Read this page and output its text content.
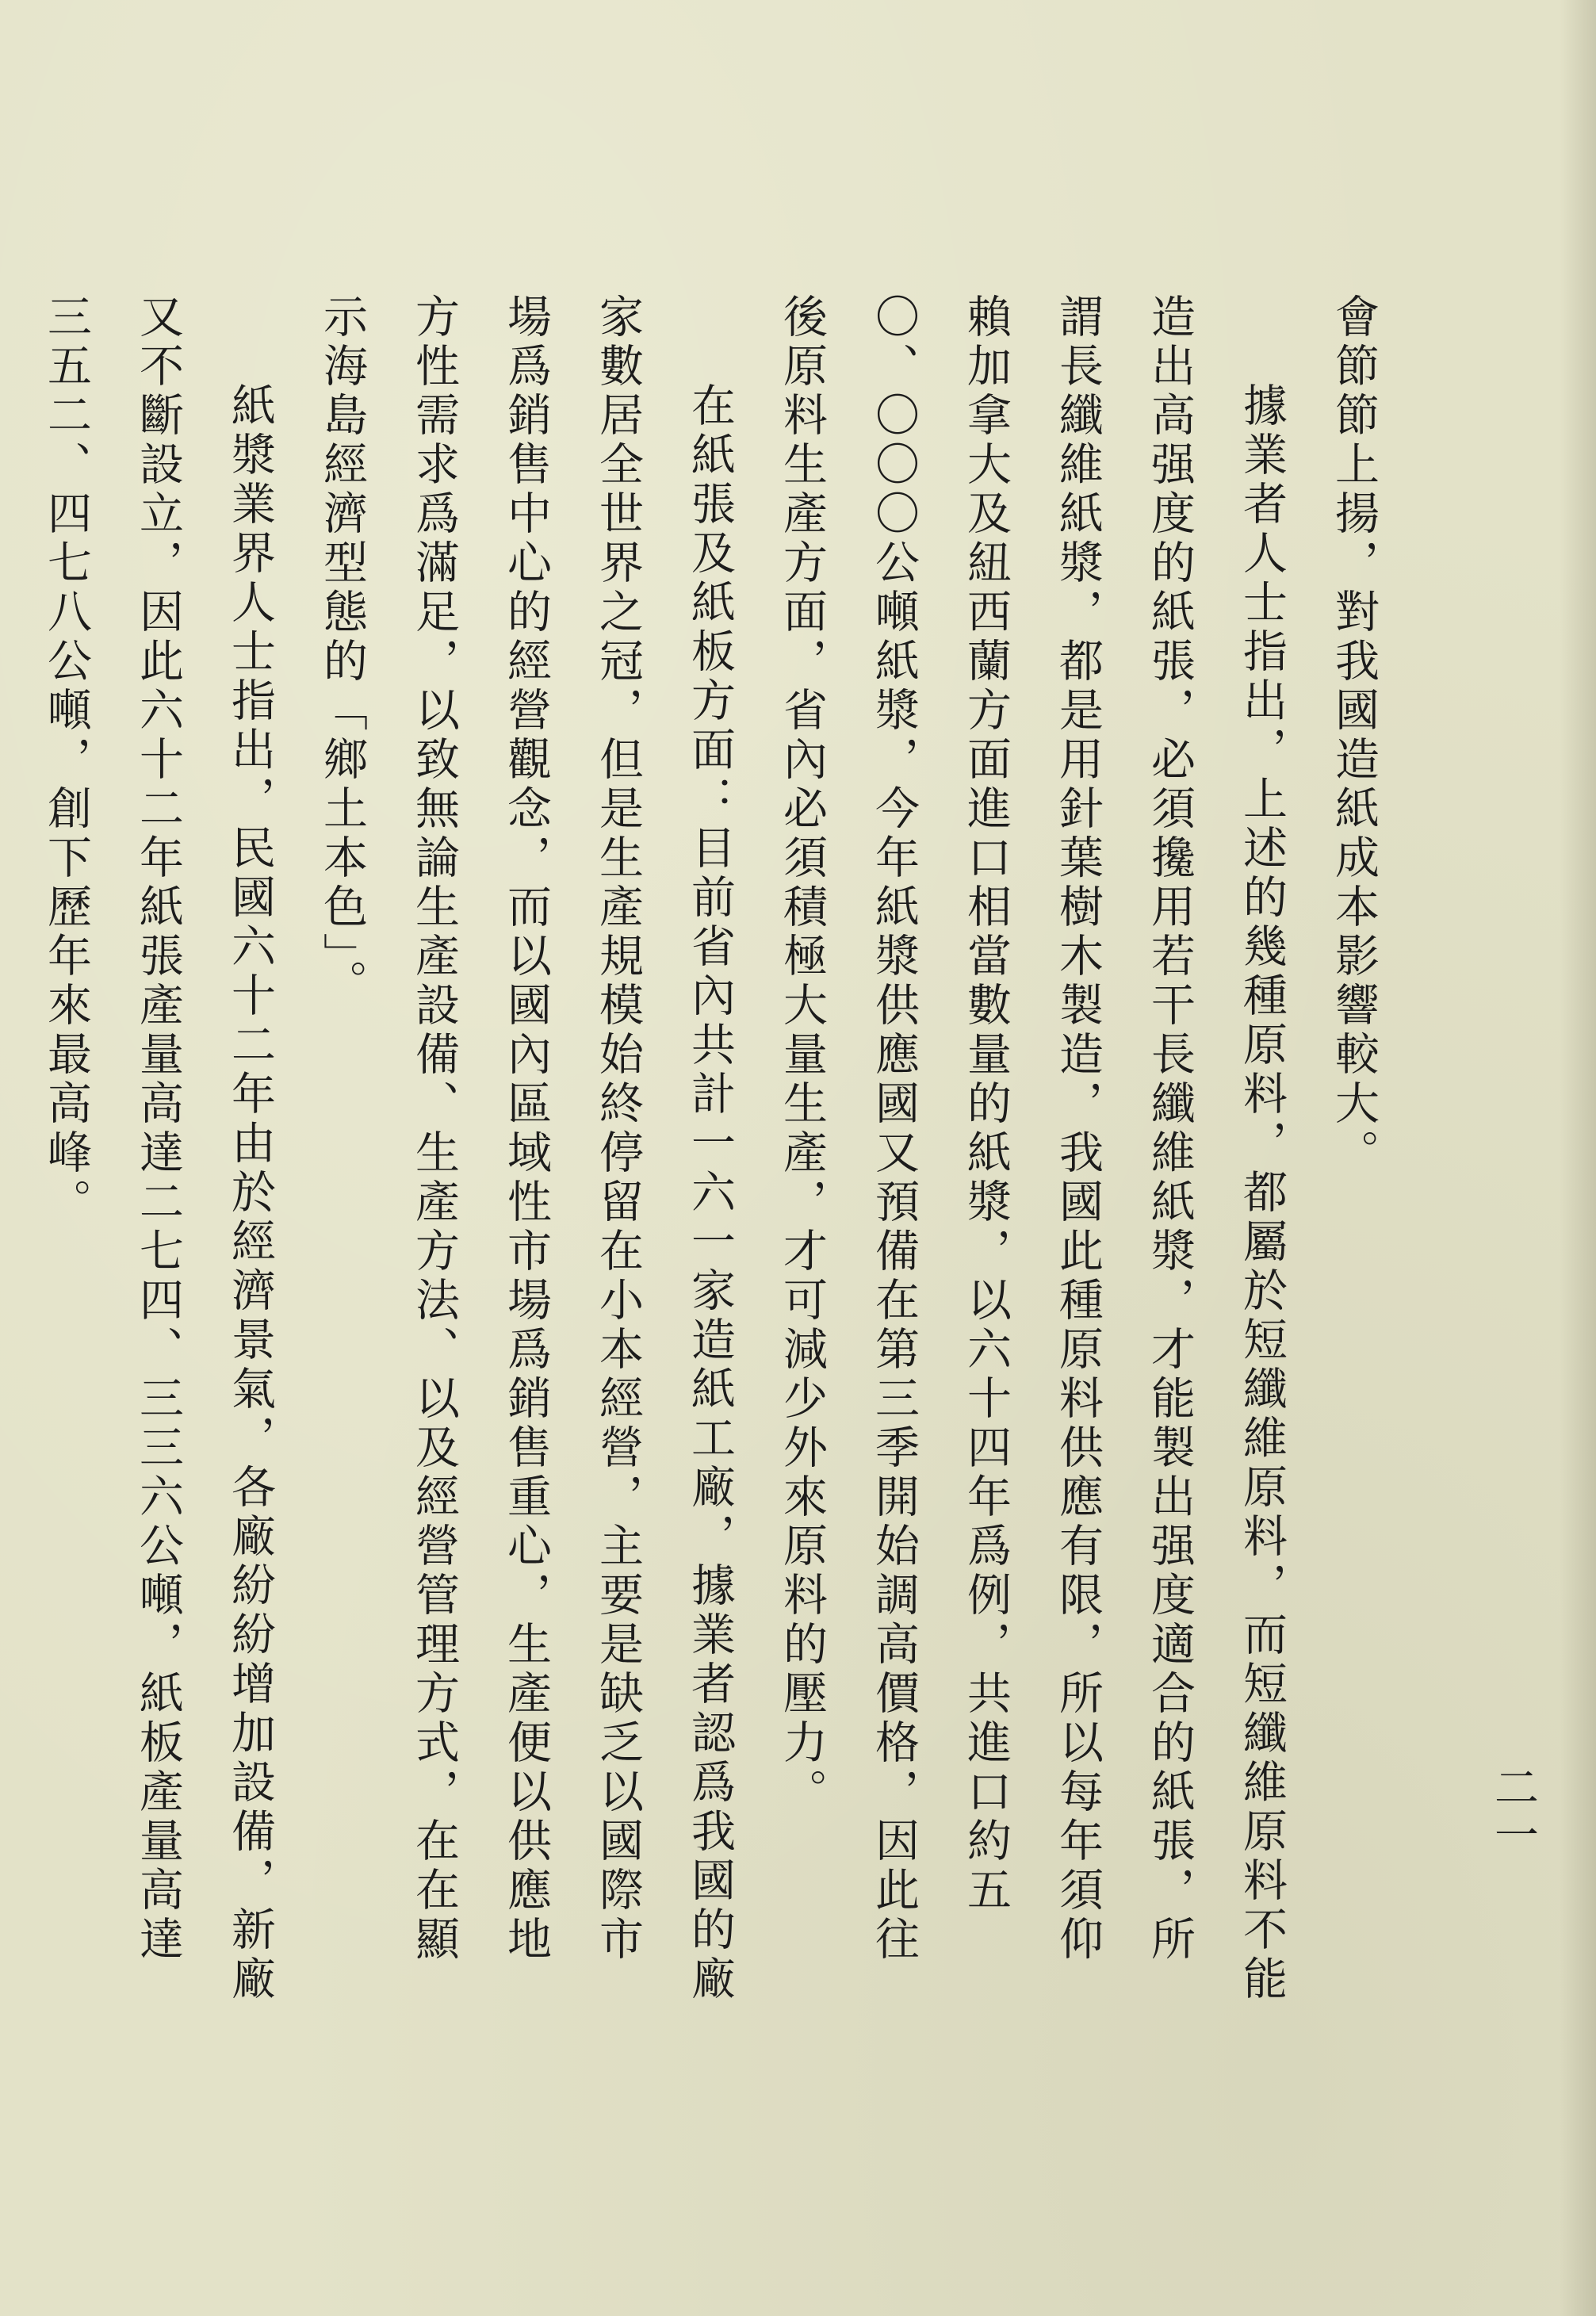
會節節上揚，對我國造紙成本影響較大。

據業者人士指出，上述的幾種原料，都屬於短纖維原料，而短纖維原料不能造出高强度的紙張，必須攙用若干長纖維紙漿，才能製出强度適合的紙張，所謂長纖維紙漿，都是用針葉樹木製造，我國此種原料供應有限，所以每年須仰賴加拿大及紐西蘭方面進口相當數量的紙漿，以六十四年爲例，共進口約五〇、〇〇〇公噸紙漿，今年紙漿供應國又預備在第三季開始調高價格，因此往後原料生產方面，省內必須積極大量生產，才可減少外來原料的壓力。

在紙張及紙板方面：目前省內共計一六一家造紙工廠，據業者認爲我國的廠家數居全世界之冠，但是生產規模始終停留在小本經營，主要是缺乏以國際市場爲銷售中心的經營觀念，而以國內區域性市場爲銷售重心，生產便以供應地方性需求爲滿足，以致無論生產設備、生產方法、以及經營管理方式，在在顯示海島經濟型態的「鄉土本色」。

紙漿業界人士指出，民國六十二年由於經濟景氣，各廠紛紛增加設備，新廠又不斷設立，因此六十二年紙張產量高達二七四、三三六公噸，紙板產量高達三五二、四七八公噸，創下歷年來最高峰。

二一
